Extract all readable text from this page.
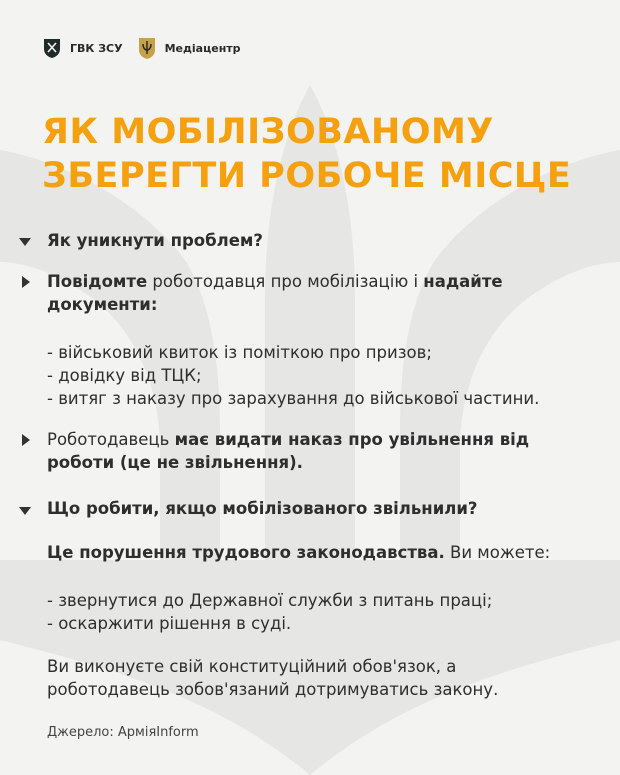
ГВК ЗСУ	Медіацентр
ЯК МОБІЛІЗОВАНОМУ
ЗБЕРЕГТИ РОБОЧЕ МІСЦЕ
Як уникнути проблем?
Повідомте роботодавця про мобілізацію і надайте
документи:
- військовий квиток із поміткою про призов;
- довідку від ТЦК;
- витяг з наказу про зарахування до військової частини.
Роботодавець має видати наказ про увільнення від
роботи (це не звільнення).
Що робити, якщо мобілізованого звільнили?
Це порушення трудового законодавства. Ви можете:
- звернутися до Державної служби з питань праці;
- оскаржити рішення в суді.
Ви виконуєте свій конституційний обов'язок, а
роботодавець зобов'язаний дотримуватись закону.
Джерело: АрміяInform
